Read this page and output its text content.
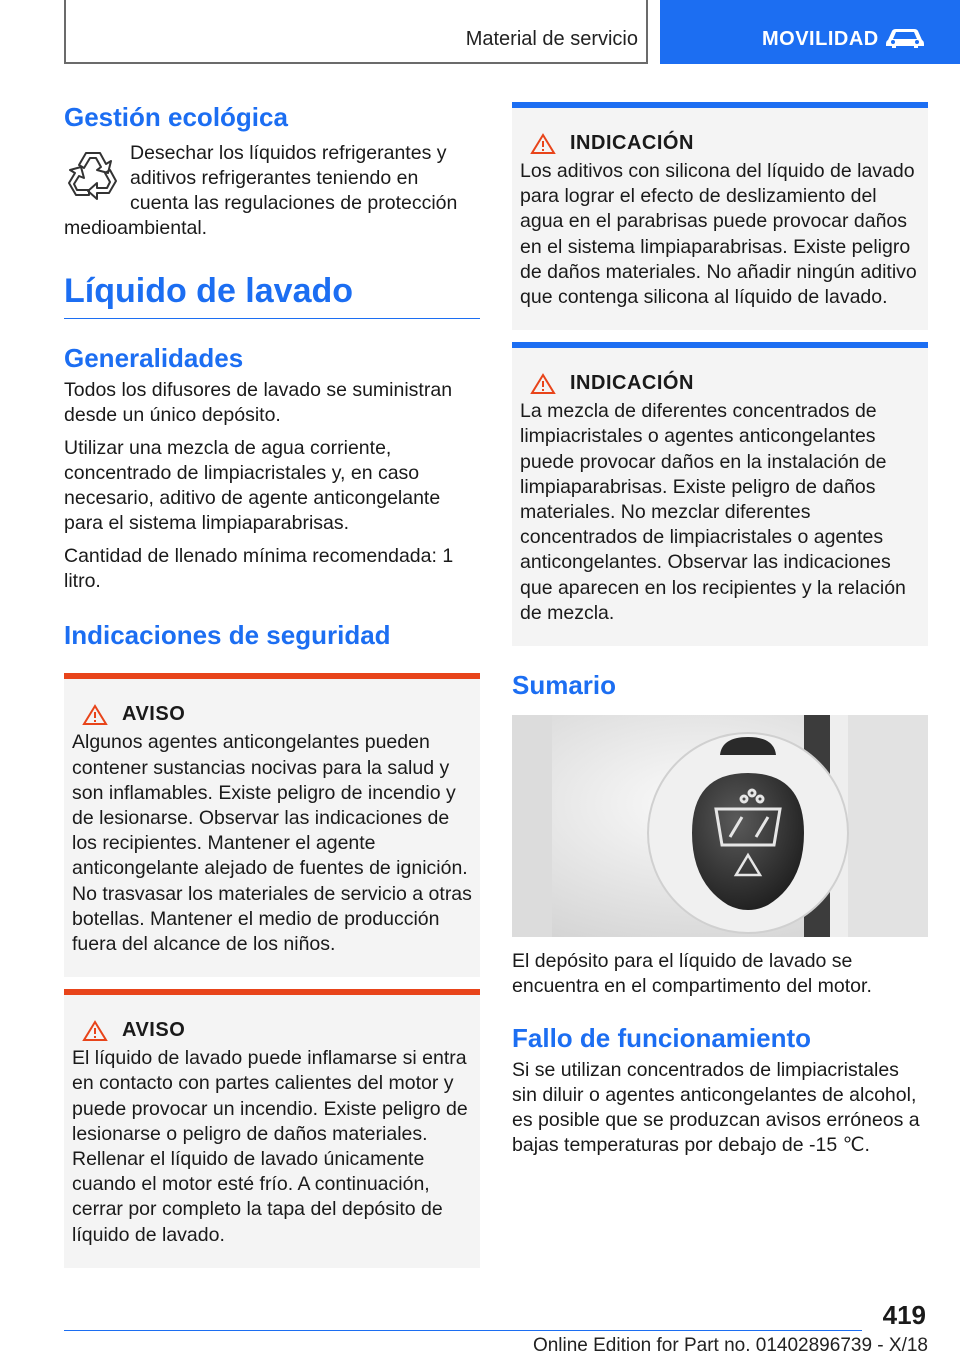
Material de servicio	MOVILIDAD
Gestión ecológica

Desechar los líquidos refrigerantes y aditivos refrigerantes teniendo en cuenta las regulaciones de protección medioambiental.

Líquido de lavado
Generalidades

Todos los difusores de lavado se suministran desde un único depósito.

Utilizar una mezcla de agua corriente, concentrado de limpiacristales y, en caso necesario, aditivo de agente anticongelante para el sistema limpiaparabrisas.

Cantidad de llenado mínima recomendada: 1 litro.

Indicaciones de seguridad
AVISO

Algunos agentes anticongelantes pueden contener sustancias nocivas para la salud y son inflamables. Existe peligro de incendio y de lesionarse. Observar las indicaciones de los recipientes. Mantener el agente anticongelante alejado de fuentes de ignición. No trasvasar los materiales de servicio a otras botellas. Mantener el medio de producción fuera del alcance de los niños.

AVISO

El líquido de lavado puede inflamarse si entra en contacto con partes calientes del motor y puede provocar un incendio. Existe peligro de lesionarse o peligro de daños materiales. Rellenar el líquido de lavado únicamente cuando el motor esté frío. A continuación, cerrar por completo la tapa del depósito de líquido de lavado.

INDICACIÓN

Los aditivos con silicona del líquido de lavado para lograr el efecto de deslizamiento del agua en el parabrisas puede provocar daños en el sistema limpiaparabrisas. Existe peligro de daños materiales. No añadir ningún aditivo que contenga silicona al líquido de lavado.

INDICACIÓN

La mezcla de diferentes concentrados de limpiacristales o agentes anticongelantes puede provocar daños en la instalación de limpiaparabrisas. Existe peligro de daños materiales. No mezclar diferentes concentrados de limpiacristales o agentes anticongelantes. Observar las indicaciones que aparecen en los recipientes y la relación de mezcla.

Sumario

El depósito para el líquido de lavado se encuentra en el compartimento del motor.

Fallo de funcionamiento

Si se utilizan concentrados de limpiacristales sin diluir o agentes anticongelantes de alcohol, es posible que se produzcan avisos erróneos a bajas temperaturas por debajo de -15 ℃.

419
Online Edition for Part no. 01402896739 - X/18
